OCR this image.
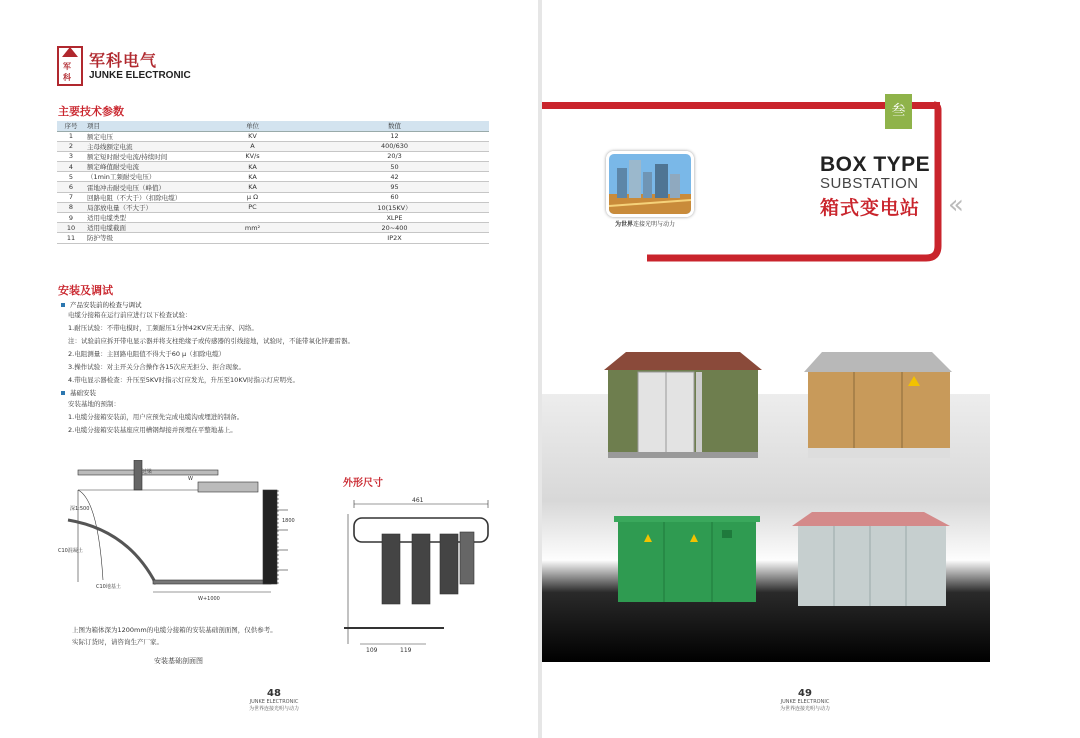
军
科
军科电气
JUNKE ELECTRONIC
主要技术参数
序号	项目	单位	数值
1	额定电压	KV	12
2	主母线额定电流	A	400/630
3	额定短时耐受电流/持续时间	KV/s	20/3
4	额定峰值耐受电流	KA	50
5	（1min工频耐受电压）	KA	42
6	雷地冲击耐受电压（峰值）	KA	95
7	回路电阻（不大于）（扣除电缆）	μ Ω	60
8	局部放电量（不大于）	PC	10(15KV）
9	适用电缆类型		XLPE
10	适用电缆截面	mm²	20~400
11	防护等级		IP2X
安装及调试
产品安装前的检查与调试
电缆分接箱在运行前应进行以下检查试验：
1.耐压试验：不带电模时，工频耐压1分钟42KV应无击穿、闪络。
注：试验前应拆开带电显示器并将支柱绝缘子或传感器的引线接地，试验时，不能带氧化锌避雷器。
2.电阻测量：主回路电阻值不得大于60 μ（扣除电缆）
3.操作试验：对主开关分合操作各15次应无拒分、拒合现象。
4.带电显示器检查：升压至5KV时指示灯应发光，升压至10KV时指示灯应明亮。
基础安装
安装基地的预制：
1.电缆分接箱安装前，用户应预先完成电缆沟或埋进的制备。
2.电缆分接箱安装基座应用槽钢焊接并预埋在平整地基上。
过梁
W
C10混凝土
C10地基土
W+1000
1800
深1:500
外形尺寸
461
109	119
上图为箱体深为1200mm的电缆分接箱的安装基础剖面图，仅供参考。
实际订货时，请咨询生产厂家。
安装基础剖面图
48
JUNKE ELECTRONIC
为世界连接光明与动力
叁
为世界连接光明与动力
BOX TYPE
SUBSTATION
箱式变电站 «
49
JUNKE ELECTRONIC
为世界连接光明与动力
